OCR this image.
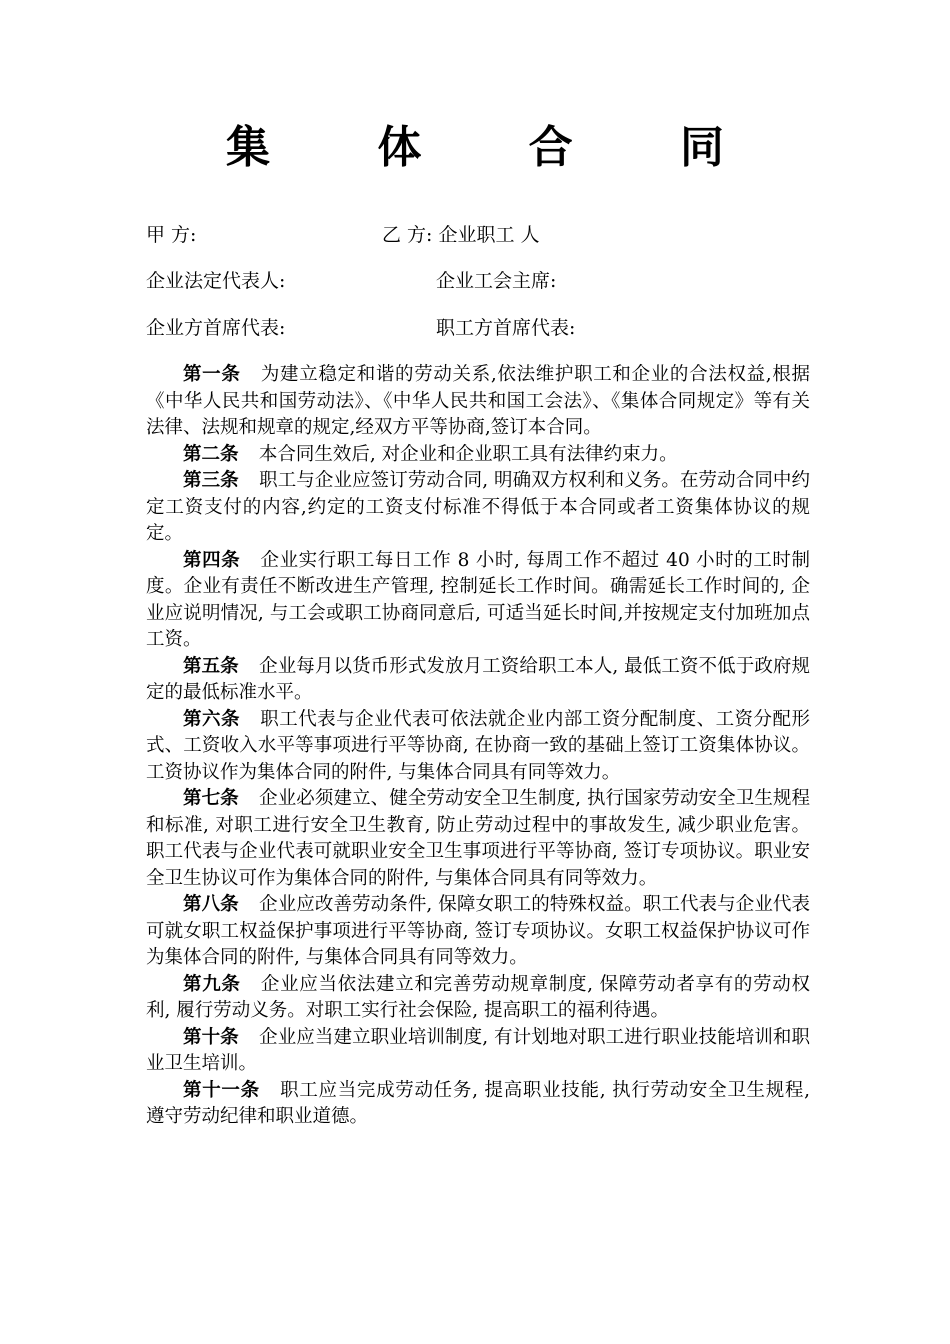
集 体 合 同
甲 方:	乙 方: 企业职工 人
企业法定代表人:	企业工会主席:
企业方首席代表:	职工方首席代表:

第一条 为建立稳定和谐的劳动关系,依法维护职工和企业的合法权益,根据《中华人民共和国劳动法》、《中华人民共和国工会法》、《集体合同规定》等有关法律、法规和规章的规定,经双方平等协商,签订本合同。

第二条 本合同生效后, 对企业和企业职工具有法律约束力。

第三条 职工与企业应签订劳动合同, 明确双方权利和义务。在劳动合同中约定工资支付的内容,约定的工资支付标准不得低于本合同或者工资集体协议的规定。

第四条 企业实行职工每日工作 8 小时, 每周工作不超过 40 小时的工时制度。企业有责任不断改进生产管理, 控制延长工作时间。确需延长工作时间的, 企业应说明情况, 与工会或职工协商同意后, 可适当延长时间,并按规定支付加班加点工资。

第五条 企业每月以货币形式发放月工资给职工本人, 最低工资不低于政府规定的最低标准水平。

第六条 职工代表与企业代表可依法就企业内部工资分配制度、工资分配形式、工资收入水平等事项进行平等协商, 在协商一致的基础上签订工资集体协议。工资协议作为集体合同的附件, 与集体合同具有同等效力。

第七条 企业必须建立、健全劳动安全卫生制度, 执行国家劳动安全卫生规程和标准, 对职工进行安全卫生教育, 防止劳动过程中的事故发生, 减少职业危害。职工代表与企业代表可就职业安全卫生事项进行平等协商, 签订专项协议。职业安全卫生协议可作为集体合同的附件, 与集体合同具有同等效力。

第八条 企业应改善劳动条件, 保障女职工的特殊权益。职工代表与企业代表可就女职工权益保护事项进行平等协商, 签订专项协议。女职工权益保护协议可作为集体合同的附件, 与集体合同具有同等效力。

第九条 企业应当依法建立和完善劳动规章制度, 保障劳动者享有的劳动权利, 履行劳动义务。对职工实行社会保险, 提高职工的福利待遇。

第十条 企业应当建立职业培训制度, 有计划地对职工进行职业技能培训和职业卫生培训。

第十一条 职工应当完成劳动任务, 提高职业技能, 执行劳动安全卫生规程, 遵守劳动纪律和职业道德。
